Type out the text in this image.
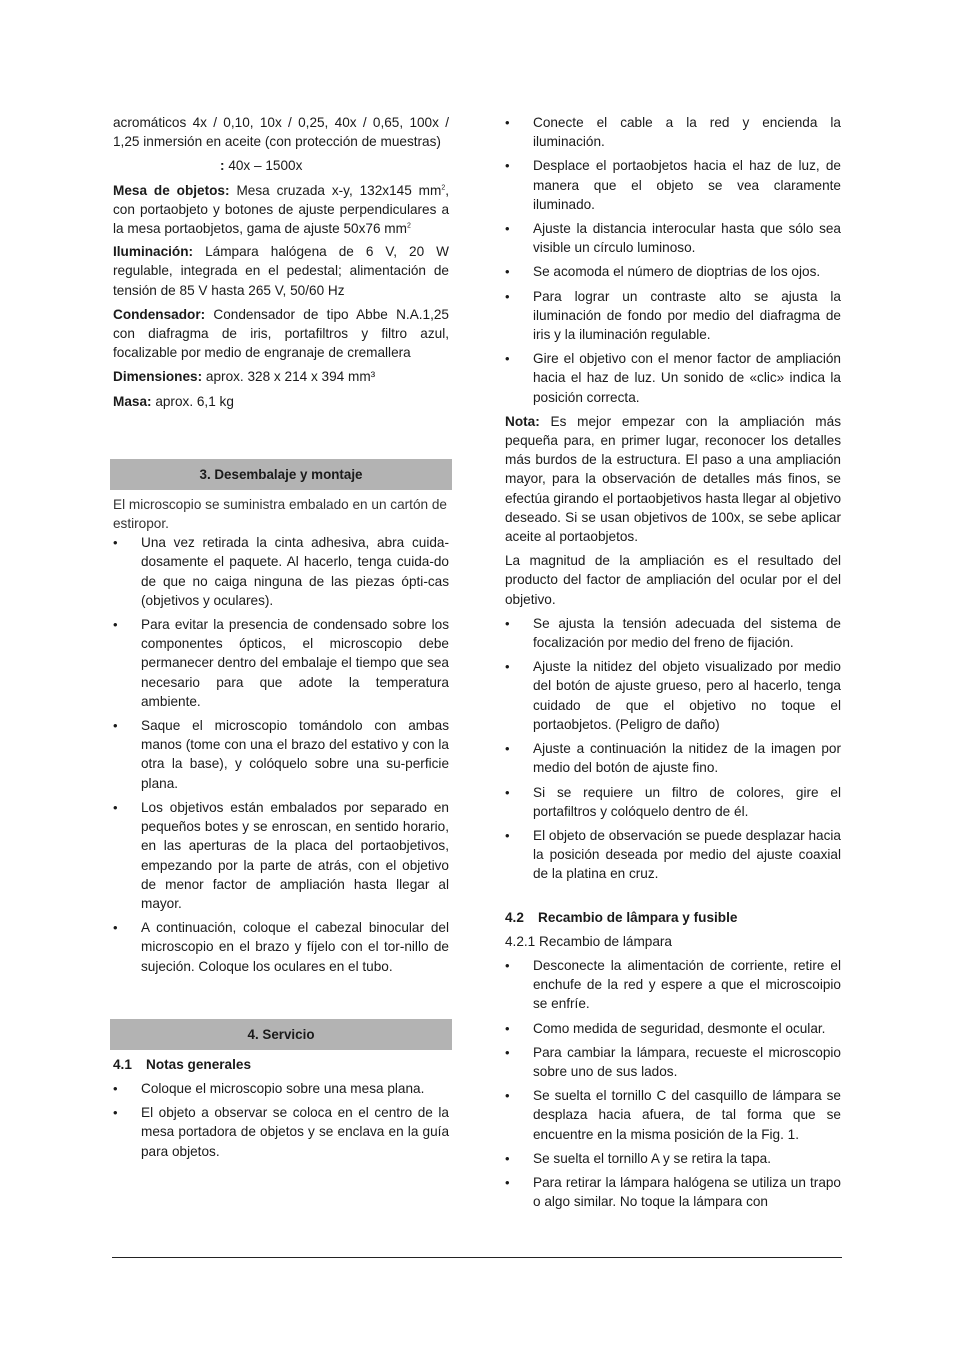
acromáticos 4x / 0,10, 10x / 0,25, 40x / 0,65, 100x / 1,25 inmersión en aceite (con protección de muestras)

: 40x – 1500x

Mesa de objetos: Mesa cruzada x-y, 132x145 $mm^2$, con portaobjeto y botones de ajuste perpendiculares a la mesa portaobjetos, gama de ajuste 50x76 $mm^2$

Iluminación: Lámpara halógena de 6 V, 20 W regulable, integrada en el pedestal; alimentación de tensión de 85 V hasta 265 V, 50/60 Hz

Condensador: Condensador de tipo Abbe N.A.1,25 con diafragma de iris, portafiltros y filtro azul, focalizable por medio de engranaje de cremallera

Dimensiones: aprox. 328 x 214 x 394 mm³

Masa: aprox. 6,1 kg

3. Desembalaje y montaje

El microscopio se suministra embalado en un cartón de estiropor.

• Una vez retirada la cinta adhesiva, abra cuida-dosamente el paquete. Al hacerlo, tenga cuida-do de que no caiga ninguna de las piezas ópti-cas (objetivos y oculares).
• Para evitar la presencia de condensado sobre los componentes ópticos, el microscopio debe permanecer dentro del embalaje el tiempo que sea necesario para que adote la temperatura ambiente.
• Saque el microscopio tomándolo con ambas manos (tome con una el brazo del estativo y con la otra la base), y colóquelo sobre una su-perficie plana.
• Los objetivos están embalados por separado en pequeños botes y se enroscan, en sentido horario, en las aperturas de la placa del portaobjetivos, empezando por la parte de atrás, con el objetivo de menor factor de ampliación hasta llegar al mayor.
• A continuación, coloque el cabezal binocular del microscopio en el brazo y fíjelo con el tor-nillo de sujeción. Coloque los oculares en el tubo.
4. Servicio
4.1 Notas generales
• Coloque el microscopio sobre una mesa plana.
• El objeto a observar se coloca en el centro de la mesa portadora de objetos y se enclava en la guía para objetos.
• Conecte el cable a la red y encienda la iluminación.
• Desplace el portaobjetos hacia el haz de luz, de manera que el objeto se vea claramente iluminado.
• Ajuste la distancia interocular hasta que sólo sea visible un círculo luminoso.
• Se acomoda el número de dioptrias de los ojos.
• Para lograr un contraste alto se ajusta la iluminación de fondo por medio del diafragma de iris y la iluminación regulable.
• Gire el objetivo con el menor factor de ampliación hacia el haz de luz. Un sonido de «clic» indica la posición correcta.

Nota: Es mejor empezar con la ampliación más pequeña para, en primer lugar, reconocer los detalles más burdos de la estructura. El paso a una ampliación mayor, para la observación de detalles más finos, se efectúa girando el portaobjetivos hasta llegar al objetivo deseado. Si se usan objetivos de 100x, se sebe aplicar aceite al portaobjetos.

La magnitud de la ampliación es el resultado del producto del factor de ampliación del ocular por el del objetivo.

• Se ajusta la tensión adecuada del sistema de focalización por medio del freno de fijación.
• Ajuste la nitidez del objeto visualizado por medio del botón de ajuste grueso, pero al hacerlo, tenga cuidado de que el objetivo no toque el portaobjetos. (Peligro de daño)
• Ajuste a continuación la nitidez de la imagen por medio del botón de ajuste fino.
• Si se requiere un filtro de colores, gire el portafiltros y colóquelo dentro de él.
• El objeto de observación se puede desplazar hacia la posición deseada por medio del ajuste coaxial de la platina en cruz.
4.2 Recambio de lâmpara y fusible

4.2.1 Recambio de lámpara

• Desconecte la alimentación de corriente, retire el enchufe de la red y espere a que el microscoipio se enfríe.
• Como medida de seguridad, desmonte el ocular.
• Para cambiar la lámpara, recueste el microscopio sobre uno de sus lados.
• Se suelta el tornillo C del casquillo de lámpara se desplaza hacia afuera, de tal forma que se encuentre en la misma posición de la Fig. 1.
• Se suelta el tornillo A y se retira la tapa.
• Para retirar la lámpara halógena se utiliza un trapo o algo similar. No toque la lámpara con
